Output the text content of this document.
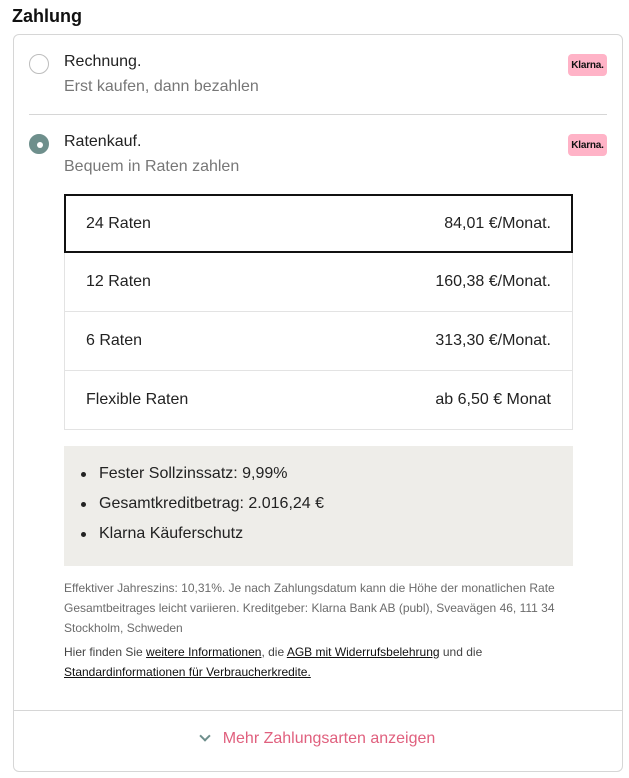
Zahlung
Rechnung.
Erst kaufen, dann bezahlen
Klarna.
Ratenkauf.
Bequem in Raten zahlen
Klarna.
24 Raten	84,01 €/Monat.
12 Raten	160,38 €/Monat.
6 Raten	313,30 €/Monat.
Flexible Raten	ab 6,50 € Monat
Fester Sollzinssatz: 9,99%
Gesamtkreditbetrag: 2.016,24 €
Klarna Käuferschutz
Effektiver Jahreszins: 10,31%. Je nach Zahlungsdatum kann die Höhe der monatlichen Rate Gesamtbeitrages leicht variieren. Kreditgeber: Klarna Bank AB (publ), Sveavägen 46, 111 34 Stockholm, Schweden
Hier finden Sie weitere Informationen, die AGB mit Widerrufsbelehrung und die
Standardinformationen für Verbraucherkredite.
Mehr Zahlungsarten anzeigen
